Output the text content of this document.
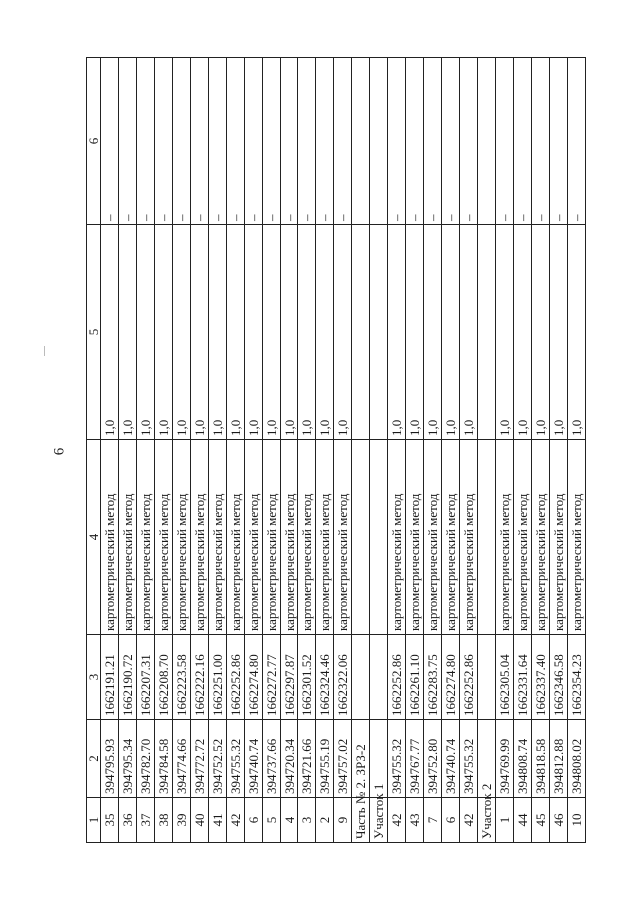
6
1	2	3	4	5	6
35	394795.93	1662191.21	картометрический метод	1,0	–
36	394795.34	1662190.72	картометрический метод	1,0	–
37	394782.70	1662207.31	картометрический метод	1,0	–
38	394784.58	1662208.70	картометрический метод	1,0	–
39	394774.66	1662223.58	картометрический метод	1,0	–
40	394772.72	1662222.16	картометрический метод	1,0	–
41	394752.52	1662251.00	картометрический метод	1,0	–
42	394755.32	1662252.86	картометрический метод	1,0	–
6	394740.74	1662274.80	картометрический метод	1,0	–
5	394737.66	1662272.77	картометрический метод	1,0	–
4	394720.34	1662297.87	картометрический метод	1,0	–
3	394721.66	1662301.52	картометрический метод	1,0	–
2	394755.19	1662324.46	картометрический метод	1,0	–
9	394757.02	1662322.06	картометрический метод	1,0	–
Часть № 2. ЗРЗ-2					
Участок 1					
42	394755.32	1662252.86	картометрический метод	1,0	–
43	394767.77	1662261.10	картометрический метод	1,0	–
7	394752.80	1662283.75	картометрический метод	1,0	–
6	394740.74	1662274.80	картометрический метод	1,0	–
42	394755.32	1662252.86	картометрический метод	1,0	–
Участок 2					
1	394769.99	1662305.04	картометрический метод	1,0	–
44	394808.74	1662331.64	картометрический метод	1,0	–
45	394818.58	1662337.40	картометрический метод	1,0	–
46	394812.88	1662346.58	картометрический метод	1,0	–
10	394808.02	1662354.23	картометрический метод	1,0	–
